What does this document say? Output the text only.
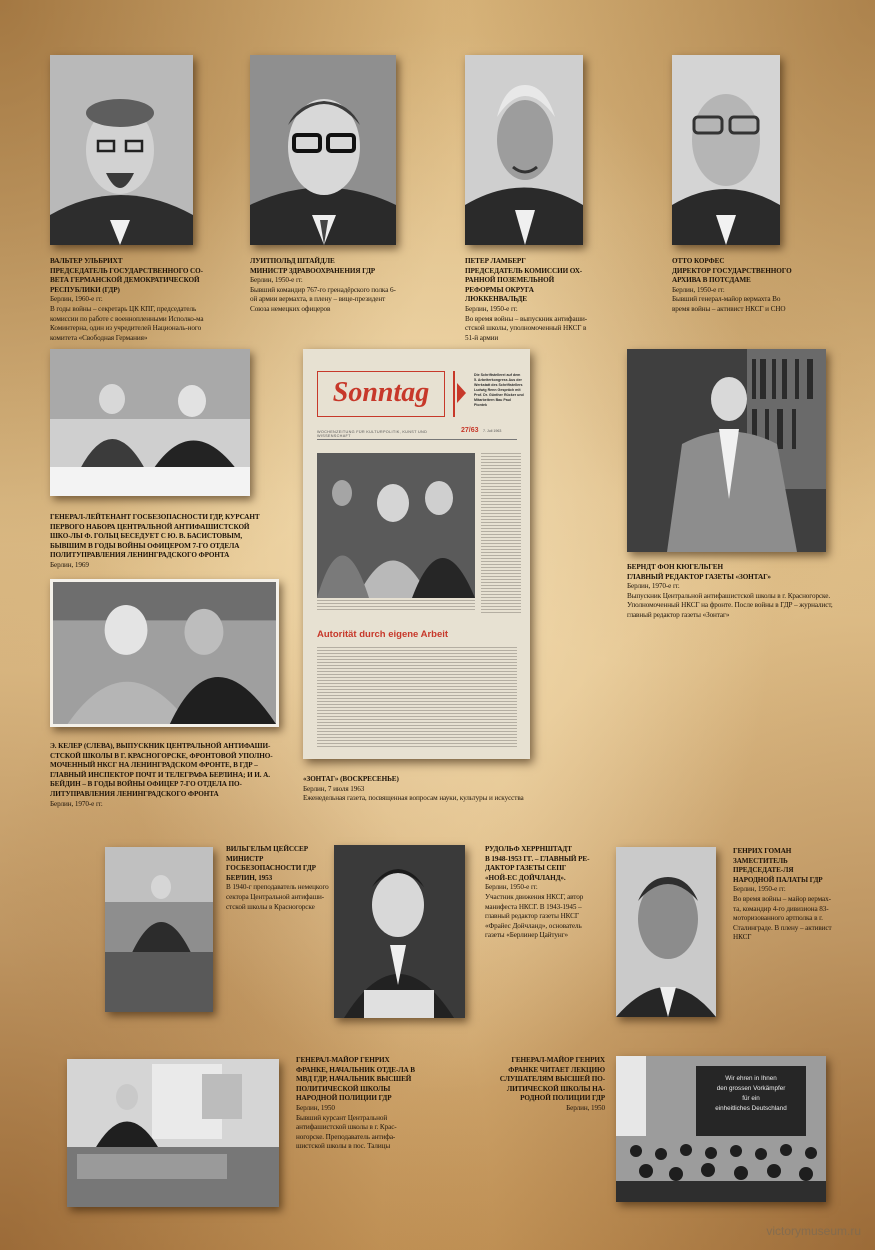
ВАЛЬТЕР УЛЬБРИХТ
ПРЕДСЕДАТЕЛЬ ГОСУДАРСТВЕННОГО СО-ВЕТА ГЕРМАНСКОЙ ДЕМОКРАТИЧЕСКОЙ РЕСПУБЛИКИ (ГДР)
Берлин, 1960-е гг.
В годы войны – секретарь ЦК КПГ, председатель комиссии по работе с военнопленными Исполко-ма Коминтерна, один из учредителей Националь-ного комитета «Свободная Германия»
ЛУИТПОЛЬД ШТАЙДЛЕ
МИНИСТР ЗДРАВООХРАНЕНИЯ ГДР
Берлин, 1950-е гг.
Бывший командир 767-го гренадёрского полка 6-ой армии вермахта, в плену – вице-президент Союза немецких офицеров
ПЕТЕР ЛАМБЕРГ
ПРЕДСЕДАТЕЛЬ КОМИССИИ ОХ-РАННОЙ ПОЗЕМЕЛЬНОЙ РЕФОРМЫ ОКРУГА ЛЮККЕНВАЛЬДЕ
Берлин, 1950-е гг.
Во время войны – выпускник антифаши-стской школы, уполномоченный НКСГ в 51-й армии
ОТТО КОРФЕС
ДИРЕКТОР ГОСУДАРСТВЕННОГО АРХИВА В ПОТСДАМЕ
Берлин, 1950-е гг.
Бывший генерал-майор вермахта Во время войны – активист НКСГ и СНО
ГЕНЕРАЛ-ЛЕЙТЕНАНТ ГОСБЕЗОПАСНОСТИ ГДР, КУРСАНТ ПЕРВОГО НАБОРА ЦЕНТРАЛЬНОЙ АНТИФАШИСТСКОЙ ШКО-ЛЫ Ф. ГОЛЬЦ БЕСЕДУЕТ С Ю. В. БАСИСТОВЫМ, БЫВШИМ В ГОДЫ ВОЙНЫ ОФИЦЕРОМ 7-ГО ОТДЕЛА ПОЛИТУПРАВЛЕНИЯ ЛЕНИНГРАДСКОГО ФРОНТА
Берлин, 1969
Э. КЕЛЕР (СЛЕВА), ВЫПУСКНИК ЦЕНТРАЛЬНОЙ АНТИФАШИ-СТСКОЙ ШКОЛЫ В Г. КРАСНОГОРСКЕ, ФРОНТОВОЙ УПОЛНО-МОЧЕННЫЙ НКСГ НА ЛЕНИНГРАДСКОМ ФРОНТЕ, В ГДР – ГЛАВНЫЙ ИНСПЕКТОР ПОЧТ И ТЕЛЕГРАФА БЕРЛИНА; И И. А. БЕЙДИН – В ГОДЫ ВОЙНЫ ОФИЦЕР 7-ГО ОТДЕЛА ПО-ЛИТУПРАВЛЕНИЯ ЛЕНИНГРАДСКОГО ФРОНТА
Берлин, 1970-е гг.
Sonntag
Die Schriftstellerei auf dem 5. Arbeiterkongress Aus der Werkstatt des Schriftstellers Ludwig Renn Gespräch mit Prof. Dr. Günther Rücker und Mitarbeitern Bau Paul Piontek
WOCHENZEITUNG FÜR KULTURPOLITIK, KUNST UND WISSENSCHAFT
27/63 7. Juli 1963
Autorität durch eigene Arbeit
«ЗОНТАГ» (ВОСКРЕСЕНЬЕ)
Берлин, 7 июля 1963
Еженедельная газета, посвященная вопросам науки, культуры и искусства
БЕРНДТ ФОН КЮГЕЛЬГЕН
ГЛАВНЫЙ РЕДАКТОР ГАЗЕТЫ «ЗОНТАГ»
Берлин, 1970-е гг.
Выпускник Центральной антифашистской школы в г. Красногорске. Уполномоченный НКСГ на фронте. После войны в ГДР – журналист, главный редактор газеты «Зонтаг»
ВИЛЬГЕЛЬМ ЦЕЙССЕР
МИНИСТР ГОСБЕЗОПАСНОСТИ ГДР БЕРЛИН, 1953
В 1940-г преподаватель немецкого сектора Центральной антифаши-стской школы в Красногорске
РУДОЛЬФ ХЕРРНШТАДТ
В 1948-1953 ГГ. – ГЛАВНЫЙ РЕ-ДАКТОР ГАЗЕТЫ СЕПГ «НОЙ-ЕС ДОЙЧЛАНД».
Берлин, 1950-е гг.
Участник движения НКСГ, автор манифеста НКСГ. В 1943-1945 – главный редактор газеты НКСГ «Фрайес Дойчланд», основатель газеты «Берлинер Цайтунг»
ГЕНРИХ ГОМАН
ЗАМЕСТИТЕЛЬ ПРЕДСЕДАТЕ-ЛЯ НАРОДНОЙ ПАЛАТЫ ГДР
Берлин, 1950-е гг.
Во время войны – майор вермах-та, командир 4-го дивизиона 83-моторизованного артполка в г. Сталинграде. В плену – активист НКСГ
ГЕНЕРАЛ-МАЙОР ГЕНРИХ ФРАНКЕ, НАЧАЛЬНИК ОТДЕ-ЛА В МВД ГДР, НАЧАЛЬНИК ВЫСШЕЙ ПОЛИТИЧЕСКОЙ ШКОЛЫ НАРОДНОЙ ПОЛИЦИИ ГДР
Берлин, 1950
Бывший курсант Центральной антифашистской школы в г. Крас-ногорске. Преподаватель антифа-шистской школы в пос. Талицы
ГЕНЕРАЛ-МАЙОР ГЕНРИХ ФРАНКЕ ЧИТАЕТ ЛЕКЦИЮ СЛУШАТЕЛЯМ ВЫСШЕЙ ПО-ЛИТИЧЕСКОЙ ШКОЛЫ НА-РОДНОЙ ПОЛИЦИИ ГДР
Берлин, 1950
Wir ehren in Ihnen
den grossen Vorkämpfer
für ein
einheitliches Deutschland
victorymuseum.ru
